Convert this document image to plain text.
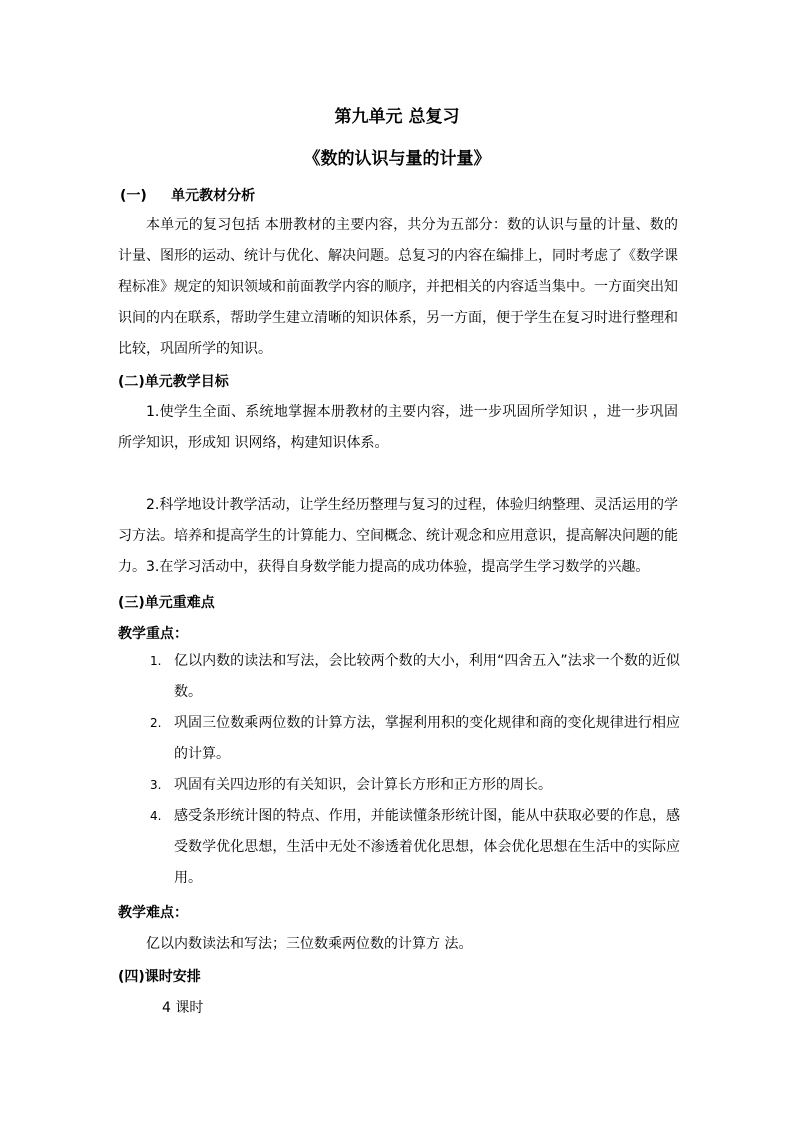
第九单元 总复习
《数的认识与量的计量》
(一)     单元教材分析
本单元的复习包括 本册教材的主要内容，共分为五部分：数的认识与量的计量、数的计量、图形的运动、统计与优化、解决问题。总复习的内容在编排上，同时考虑了《数学课程标准》规定的知识领域和前面教学内容的顺序，并把相关的内容适当集中。一方面突出知识间的内在联系，帮助学生建立清晰的知识体系，另一方面，便于学生在复习时进行整理和比较，巩固所学的知识。
(二)单元教学目标
1.使学生全面、系统地掌握本册教材的主要内容，进一步巩固所学知识 ，进一步巩固所学知识，形成知 识网络，构建知识体系。
2.科学地设计教学活动，让学生经历整理与复习的过程，体验归纳整理、灵活运用的学习方法。培养和提高学生的计算能力、空间概念、统计观念和应用意识，提高解决问题的能力。 3.在学习活动中，获得自身数学能力提高的成功体验，提高学生学习数学的兴趣。
(三)单元重难点
教学重点：
1. 亿以内数的读法和写法，会比较两个数的大小，利用“四舍五入”法求一个数的近似数。
2. 巩固三位数乘两位数的计算方法，掌握利用积的变化规律和商的变化规律进行相应的计算。
3. 巩固有关四边形的有关知识，会计算长方形和正方形的周长。
4. 感受条形统计图的特点、作用，并能读懂条形统计图，能从中获取必要的作息，感受数学优化思想，生活中无处不渗透着优化思想，体会优化思想在生活中的实际应用。
教学难点：
亿以内数读法和写法；三位数乘两位数的计算方 法。
(四)课时安排
4 课时
